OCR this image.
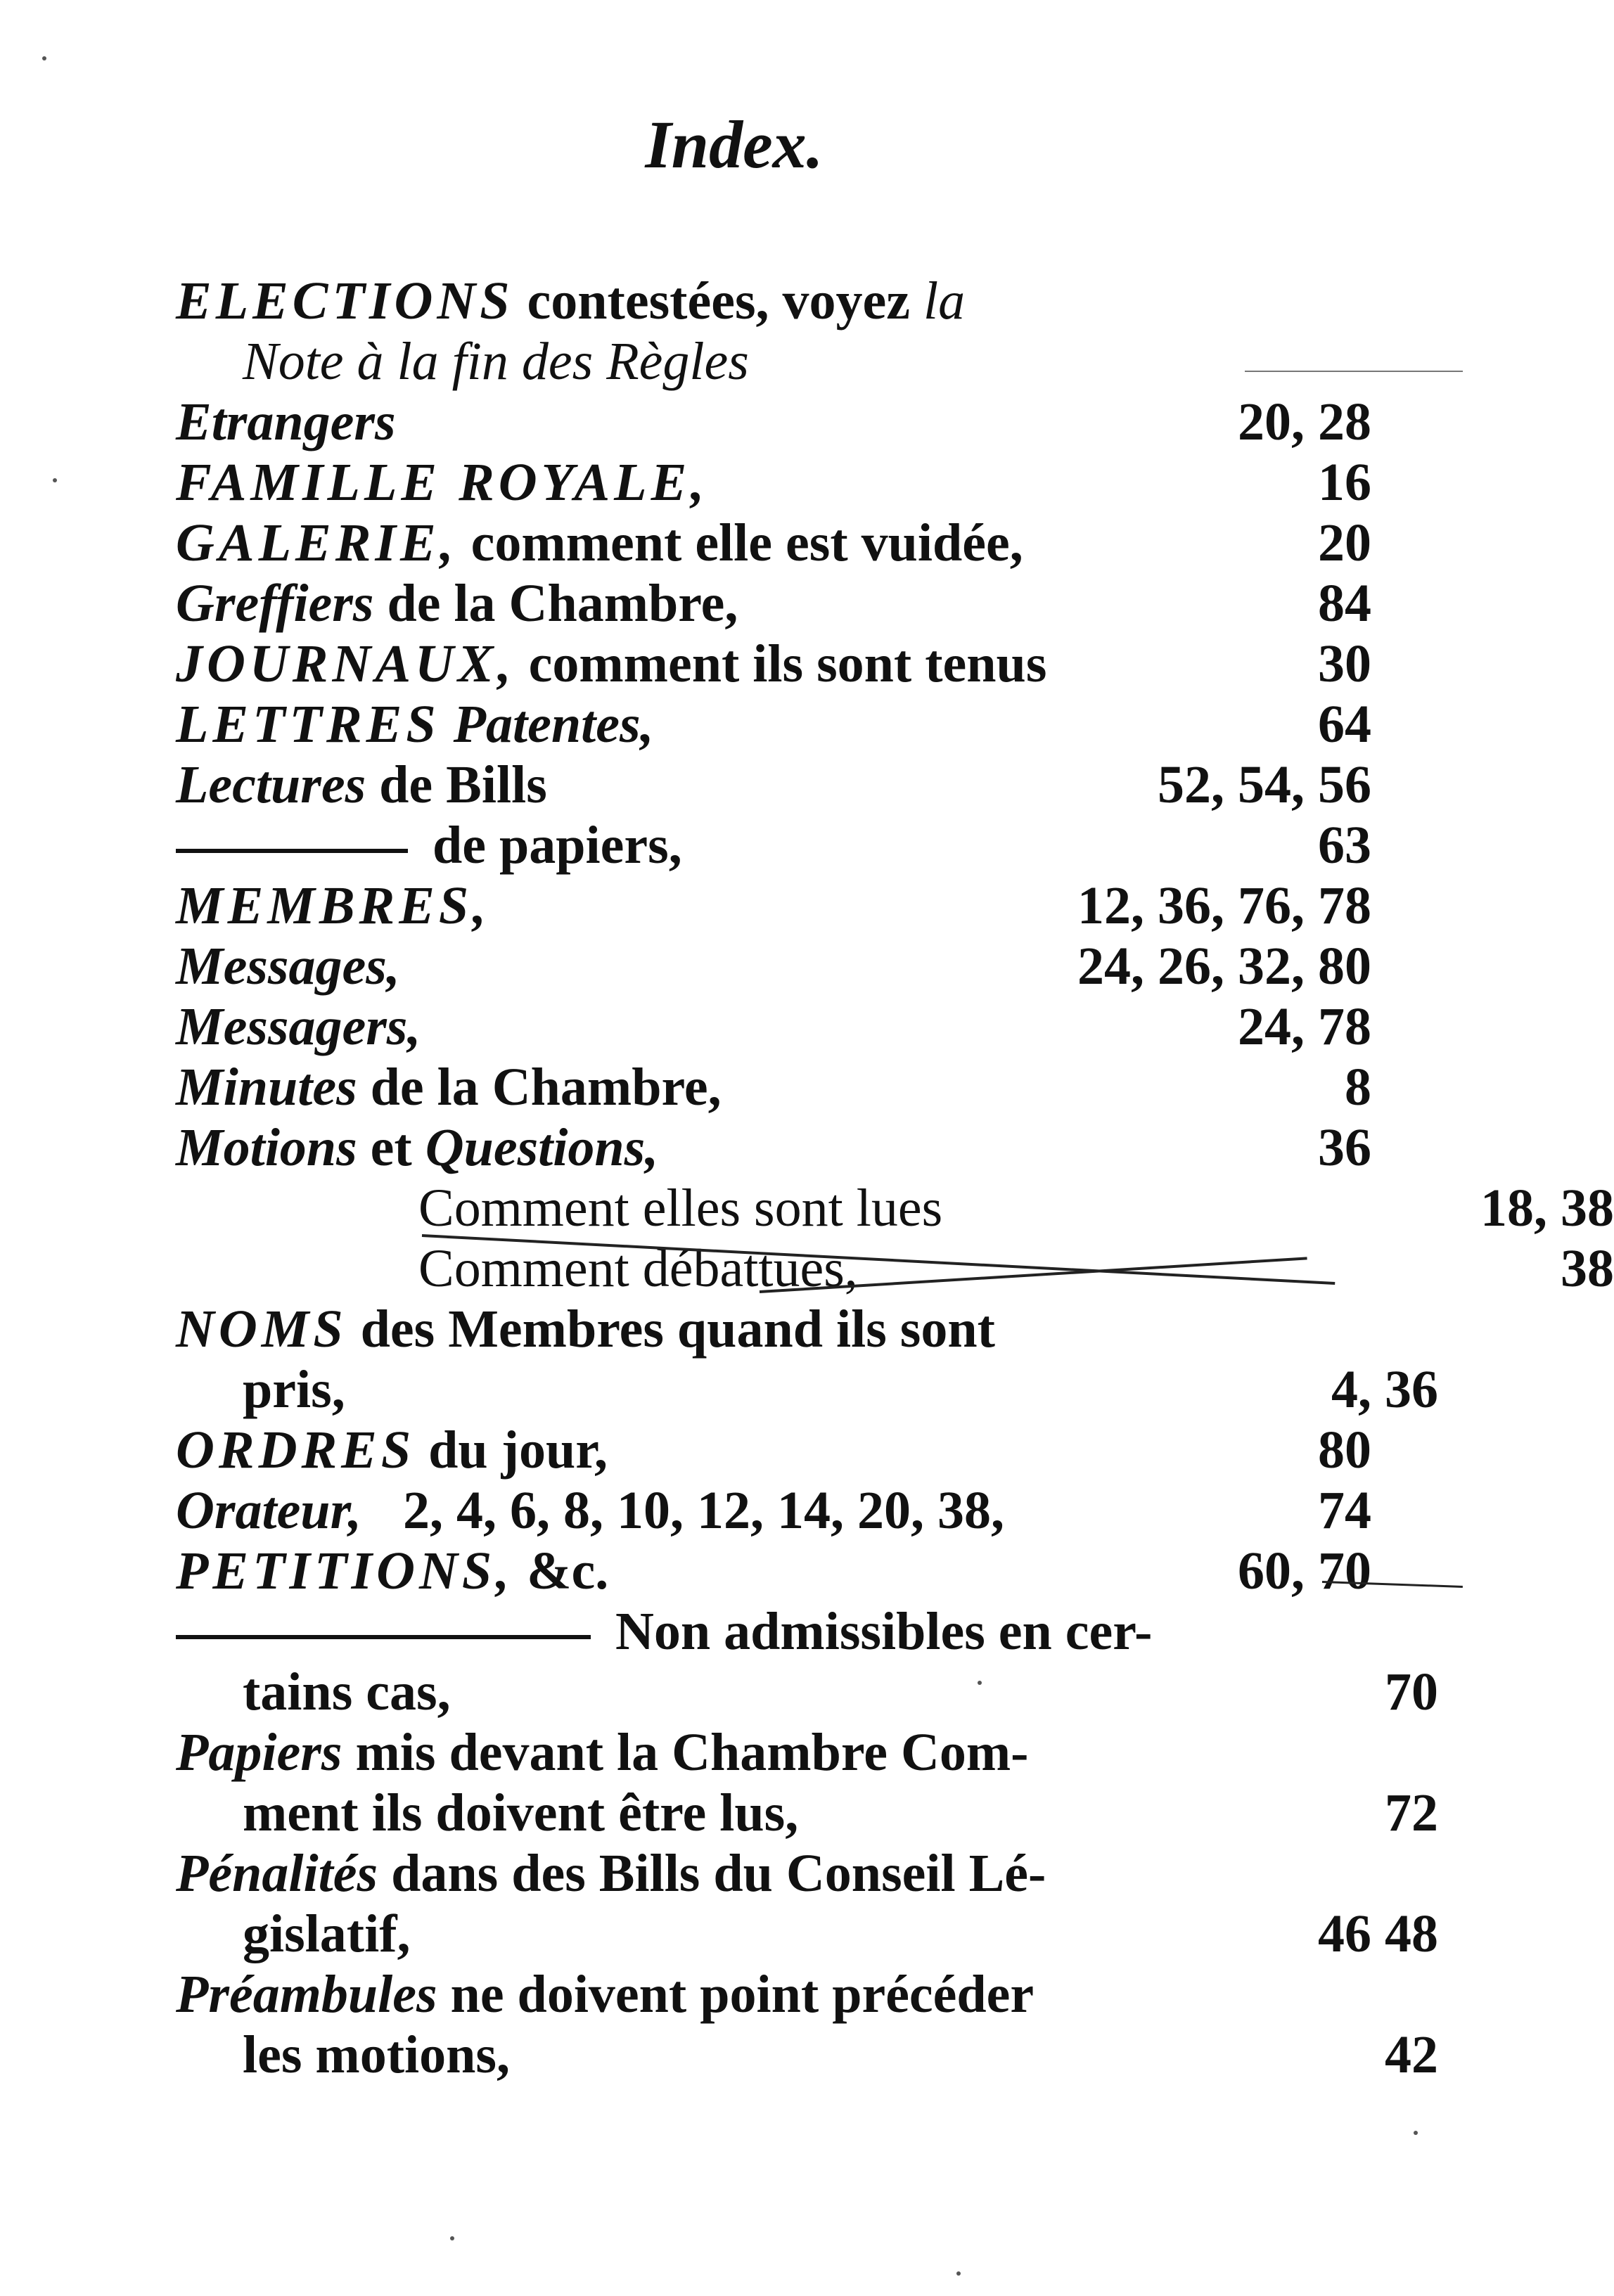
Index.
ELECTIONS contestées, voyez la
Note à la fin des Règles
Etrangers	20, 28
FAMILLE ROYALE,	16
GALERIE, comment elle est vuidée,	20
Greffiers de la Chambre,	84
JOURNAUX, comment ils sont tenus	30
LETTRES Patentes,	64
Lectures de Bills	52, 54, 56
de papiers,	63
MEMBRES,	12, 36, 76, 78
Messages,	24, 26, 32, 80
Messagers,	24, 78
Minutes de la Chambre,	8
Motions et Questions,	36
Comment elles sont lues	18, 38
Comment débattues,	38
NOMS des Membres quand ils sont
pris,	4, 36
ORDRES du jour,	80
Orateur, 2, 4, 6, 8, 10, 12, 14, 20, 38,	74
PETITIONS, &c.	60, 70
Non admissibles en cer-
tains cas,	70
Papiers mis devant la Chambre Com-
ment ils doivent être lus,	72
Pénalités dans des Bills du Conseil Lé-
gislatif,	46 48
Préambules ne doivent point précéder
les motions,	42
